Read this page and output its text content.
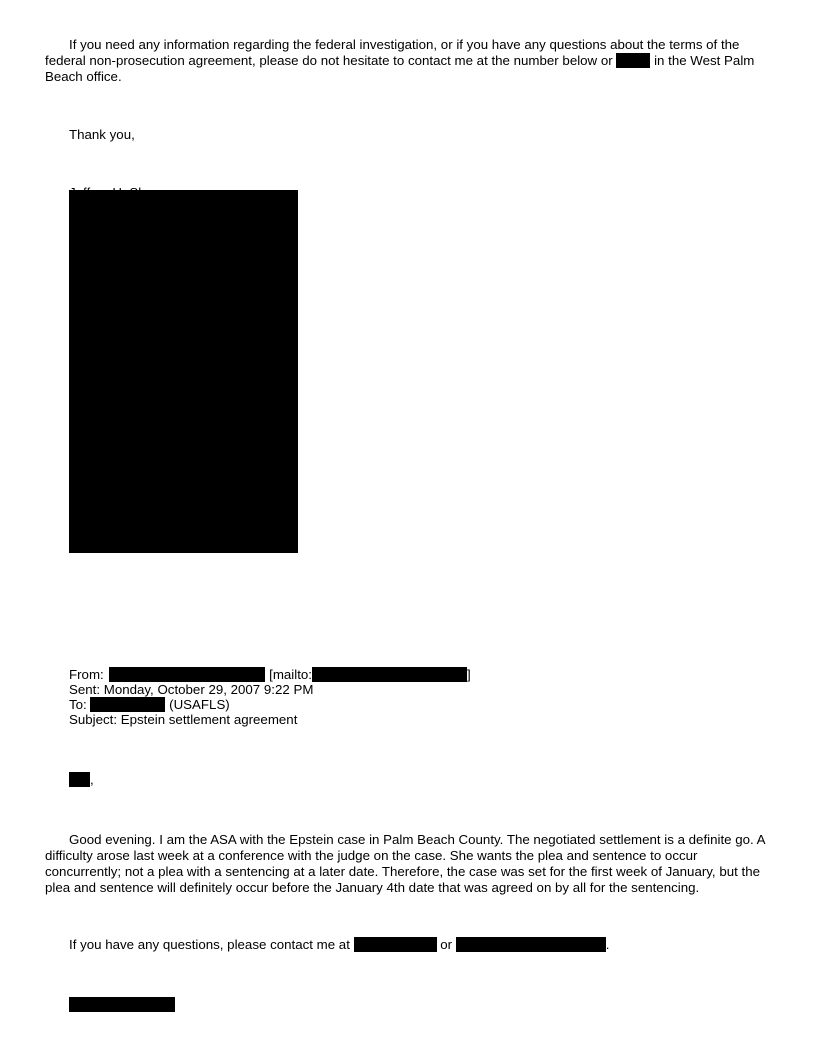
If you need any information regarding the federal investigation, or if you have any questions about the terms of the federal non-prosecution agreement, please do not hesitate to contact me at the number below or	in the West Palm Beach office.
Thank you,
From:	[mailto:	]
Sent: Monday, October 29, 2007 9:22 PM
To:	(USAFLS)
Subject: Epstein settlement agreement
,
Good evening. I am the ASA with the Epstein case in Palm Beach County. The negotiated settlement is a definite go. A difficulty arose last week at a conference with the judge on the case. She wants the plea and sentence to occur concurrently; not a plea with a sentencing at a later date. Therefore, the case was set for the first week of January, but the plea and sentence will definitely occur before the January 4th date that was agreed on by all for the sentencing.
If you have any questions, please contact me at	or	.
